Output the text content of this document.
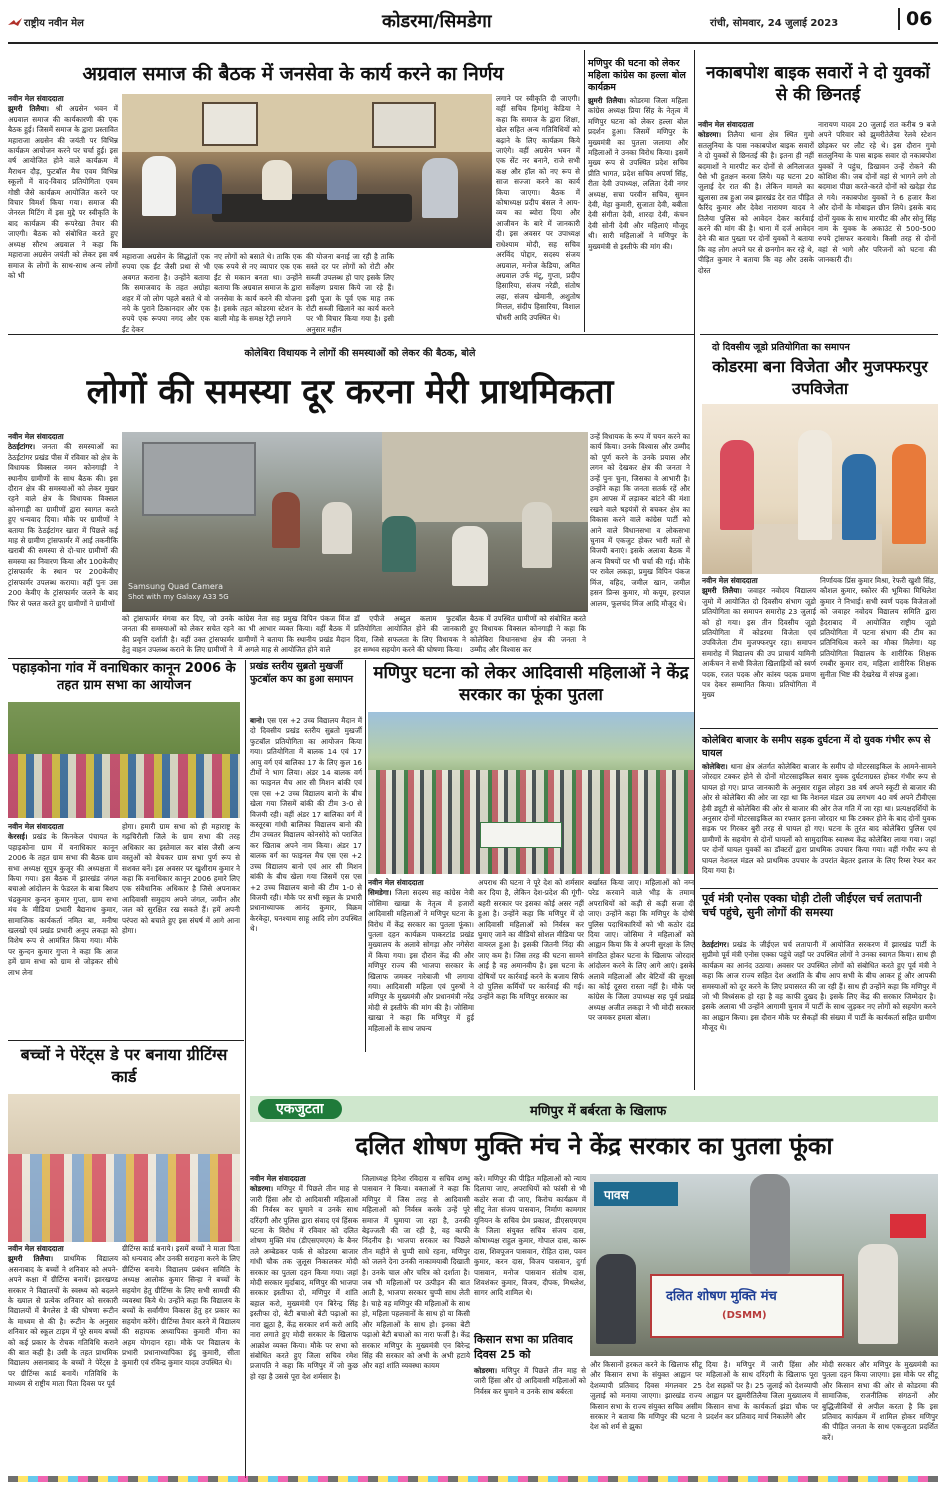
राष्ट्रीय नवीन मेल	कोडरमा/सिमडेगा	रांची, सोमवार, 24 जुलाई 2023	06
अग्रवाल समाज की बैठक में जनसेवा के कार्य करने का निर्णय
नवीन मेल संवाददाता
झुमरी तिलैया। श्री अग्रसेन भवन में अग्रवाल समाज की कार्यकारणी की एक बैठक हुई। जिसमें समाज के द्वारा प्रस्तावित महाराजा अग्रसेन की जयंती पर विभिन्न कार्यक्रम आयोजन करने पर चर्चा हुई। इस वर्ष आयोजित होने वाले कार्यक्रम में मैराथन दौड़, फुटबॉल मैच एवम विभिन्न स्कूलों में वाद-विवाद प्रतियोगिता एवम गोष्ठी जैसे कार्यक्रम आयोजित करने पर विचार विमर्श किया गया। समाज की जेनरल मिटिंग में इस मुद्दे पर स्वीकृति के बाद कार्यक्रम की रूपरेखा तैयार की जाएगी। बैठक को संबोधित करते हुए अध्यक्ष सौरभ अग्रवाल ने कहा कि महाराजा अग्रसेन जयंती को लेकर इस वर्ष समाज के लोगों के साथ-साथ अन्य लोगों को भी
महाराजा अग्रसेन के सिद्धांतों एक रुपया एक ईंट जैसी प्रथा से भी अवगत कराना है। उन्होंने बताया कि समाजवाद के तहत अग्रोहा शहर में जो लोग पहले बसते थे वो नये के पुराने ठिकानदार और एक रुपये एक रूपया नगद और एक ईंट देकर
नए लोगों को बसाते थे। ताकि एक एक रुपये से नए व्यापार एक एक ईंट से मकान बनता था। उन्होंने बताया कि अग्रवाल समाज के द्वारा जनसेवा के कार्य करने की योजना है। इसके तहत कोडरमा स्टेशन के बाली मोड़ के समक्ष रेट्री लगाने
की योजना बनाई जा रही है ताकि सस्ते दर पर लोगों को रोटी और सब्जी उपलब्ध हो पाए इसके लिए सर्वेक्षण प्रयास किये जा रहे हैं। इसी पूजा के पूर्व एक माह तक रोटी सब्जी खिलाने का कार्य करने पर भी विचार किया गया है। इसी अनुसार महीन
लगाने पर स्वीकृति दी जाएगी। वहीं सचिव हिमांशु केडिया ने कहा कि समाज के द्वारा शिक्षा, खेल सहित अन्य गतिविधियों को बढ़ाने के लिए कार्यक्रम किये जाएंगे। वहीं अग्रसेन भवन में एक सेंट नर बनाने, राजे सभी कक्ष और हॉल को नए रूप से साज सज्जा करने का कार्य किया जाएगा। बैठक में कोषाध्यक्ष प्रदीप बंसल ने आय-व्यय का ब्योरा दिया और आजीवन के बारे में जानकारी दी। इस अवसर पर उपाध्यक्ष राधेश्याम मोदी, सह सचिव अरविंद पोद्दार, सदस्य संजय अग्रवाल, मनोज केडिया, अमित अग्रवाल उर्फ मंटू, गुप्ता, प्रदीप हिसारिया, संजय नरेडी, संतोष लहा, संजय खेमानी, अशुतोष मित्तल, संदीप हिसारिया, विशाल चौधरी आदि उपस्थित थे।
मणिपुर की घटना को लेकर महिला कांग्रेस का हल्ला बोल कार्यक्रम
झुमरी तिलैया। कोडरमा जिला महिला कांग्रेस अध्यक्ष प्रिया सिंह के नेतृत्व में मणिपुर घटना को लेकर हल्ला बोल प्रदर्शन हुआ। जिसमें मणिपुर के मुख्यमंत्री का पुतला जलाया और महिलाओं ने उनका विरोध किया। इसमें मुख्य रूप से उपस्थित प्रदेश सचिव प्रीति भागत, प्रदेश सचिव अपर्णा सिंह, रीता देवी उपाध्यक्ष, ललिता देवी नगर अध्यक्ष, सचा परवीन सचिव, सुमन देवी, मेहा कुमारी, सुजाता देवी, बबीता देवी संगीता देवी, शारदा देवी, कंचन देवी सोनी देवी और महिलाएं मौजूद थी। सारी महिलाओं ने मणिपुर के मुख्यमंत्री से इस्तीफे की मांग की।
नकाबपोश बाइक सवारों ने दो युवकों से की छिनतई
नवीन मेल संवाददाता
कोडरमा। तिलैया थाना क्षेत्र स्थित गुमो सतलुनिया के पास नकाबपोश बाइक सवारों ने दो युवकों से छिनतई की है। इतना ही नहीं बदमाशों ने मारपीट कर दोनों से अनिलाजत पैसे भी हुतक्षन करवा लिये। यह घटना 20 जुलाई देर रात की है। लेकिन मामले का खुलासा तब हुआ जब झारखंड देर रात पीड़ित फैरिंद कुमार और देवेश नारायण यादव ने तिलैया पुलिस को आवेदन देकर कार्रवाई करने की मांग की है। थाना में दर्ज आवेदन देने की बात पुख्ता पर दोनों युवकों ने बताया कि वह लोग अपने घर से छनगोन कर रहे थे, पीड़ित कुमार ने बताया कि वह और उसके दोस्त
नारायण यादव 20 जुलाई रात करीब 9 बजे अपने परिवार को झुमरीतेलैया रेलवे स्टेशन छोड़कर घर लौट रहे थे। इस दौरान गुमो सतलुनिया के पास बाइक सवार दो नकाबपोश युवकों ने पहुंच, डिखावन उन्हें रोकने की कोशिश की। जब दोनों वहां से भागने लगे तो बदमाश पीछा करते-करते दोनों को खदेड़ा रोड ले गये। नकाबपोश युवकों ने 6 हजार कैश और दोनों के मोबाइल छीन लिये। इसके बाद दोनों युवक के साथ मारपीट की और सोनू सिंह नाम के युवक के अकाउंट से 500-500 रुपये ट्रांसफर करवाये। किसी तरह से दोनों वहां से भागे और परिजनों को घटना की जानकारी दी।
कोलेबिरा विधायक ने लोगों की समस्याओं को लेकर की बैठक, बोले
लोगों की समस्या दूर करना मेरी प्राथमिकता
नवीन मेल संवाददाता
ठेठईटांगर। जनता की समस्याओं का ठेठईटांगर प्रखंड पीस में रविवार को क्षेत्र के विधायक विक्सल नमन कोनगाड़ी ने स्थानीय ग्रामीणों के साथ बैठक की। इस दौरान क्षेत्र की समस्याओं को लेकर मुखर रहने वाले क्षेत्र के विधायक विक्सल कोनगाड़ी का ग्रामीणों द्वारा स्वागत करते हुए धन्यवाद दिया। मौके पर ग्रामीणों ने बताया कि ठेठईटांगर खारा में पिछले कई माह से ग्रामीण ट्रांसफार्मर में आई तकनीकि खराबी की समस्या से दो-चार ग्रामीणों की समस्या का निवारण किया और 100केवीए ट्रांसफार्मर के स्थान पर 200केवीए ट्रांसफार्मर उपलब्ध कराया। वहीं पुनः उस 200 केवीए के ट्रांसफार्मर जलने के बाद फिर से फ्लत करते हुए ग्रामीणों ने ग्रामीणों
Samsung Quad Camera
Shot with my Galaxy A33 5G
को ट्रांसफार्मर मंगवा कर दिए, जो उनके जनता की समस्याओं को लेकर सचेत रहने की प्रवृत्ति दर्शाती है। वहीं उक्त ट्रांसफार्मर हेतु वाहन उपलब्ध कराने के लिए ग्रामीणों ने
कांग्रेस नेता सह प्रमुख विपिन पंकज मिंज का भी आभार व्यक्त किया। वहीं बैठक में ग्रामीणों ने बताया कि स्थानीय प्रखंड मैदान में अगले माह से आयोजित होने वाले
डॉ एपीजे अब्दुल कलाम फुटबॉल प्रतियोगिता आयोजित होने की जानकारी दिया, जिसे सफलता के लिए विधायक ने हर सम्भव सहयोग करने की घोषणा किया।
बैठक में उपस्थित ग्रामीणों को संबोधित करते हुए विधायक विक्सल कोनगाड़ी ने कहा कि कोलेबिरा विधानसभा क्षेत्र की जनता ने उम्मीद और विश्वास कर
उन्हें विधायक के रूप में चयन करने का कार्य किया। उनके विश्वास और उम्मीद को पूर्ण करने के उनके प्रयास और लगन को देखकर क्षेत्र की जनता ने उन्हें पुनः चुना, जिसका वे आभारी है। उन्होंने कहा कि जनता सतर्क रहें और हम आपस में लड़ाकर बांटने की मंशा रखने वाले षड़यंत्रों से बचकर क्षेत्र का विकास करने वाले कांग्रेस पार्टी को आने वाले विधानसभा व लोकसभा चुनाव में एकजुट होकर भारी मतों से विजयी बनाएं। इसके अलावा बैठक में अन्य विषयों पर भी चर्चा की गई। मौके पर रावेल लकड़ा, प्रमुख विपिन पंकज मिंज, वहिद, जमील खान, जमील हसन प्रिन्स कुमार, मो कयूम, हरपाल आलम, फूलचंद मिंज आदि मौजूद थे।
दो दिवसीय जूडो प्रतियोगिता का समापन
कोडरमा बना विजेता और मुजफ्फरपुर उपविजेता
नवीन मेल संवाददाता
झुमरी तिलैया। जवाहर नवोदय विद्यालय जुमो में आयोजित दो दिवसीय संभाग जूडो प्रतियोगिता का समापन समारोह 23 जुलाई को हो गया। इस तीन दिवसीय जूडो प्रतियोगिता में कोडरमा विजेता एवं उपविजेता टीम मुजफ्फरपुर रहा। समापन समारोह में विद्यालय की उप प्राचार्य यामिनी आर्कंचन ने सभी विजेता खिलाड़ियों को स्वर्ण पदक, रजत पदक और कांस्य पदक प्रमाण पत्र देकर सम्मानित किया। प्रतियोगिता में मुख्य
निर्णायक प्रिंस कुमार मिश्रा, रेफरी खुशी सिंह, कौशल कुमार, स्कोरर की भूमिका मिथिलेश कुमार ने निभाई। सभी स्वर्ण पदक विजेताओं को जवाहर नवोदय विद्यालय समिति द्वारा हैदराबाद में आयोजित राष्ट्रीय जूडो प्रतियोगिता में पटना संभाग की टीम का प्रतिनिधित्व करने का मौका मिलेगा। यह प्रतियोगिता विद्यालय के शारीरिक शिक्षक रमबीर कुमार राय, महिला शारीरिक शिक्षक सुनीता भिष्ट की देखरेख में संपन्न हुआ।
कोलेबिरा बाजार के समीप सड़क दुर्घटना में दो युवक गंभीर रूप से घायल
कोलेबिरा। थाना क्षेत्र अंतर्गत कोलेबिरा बाजार के समीप दो मोटरसाइकिल के आमने-सामने जोरदार टक्कर होने से दोनों मोटरसाइकिल सवार युवक दुर्घटनाग्रस्त होकर गंभीर रूप से घायल हो गए। प्राप्त जानकारी के अनुसार राहुल लोहरा 38 वर्ष अपने स्कूटी से बाजार की ओर से कोलेबिरा की ओर जा रहा था कि नेशनल मंडल उम्र लगभग 40 वर्ष अपने टीवीएस हेवी ड्यूटी से कोलेबिरा की ओर से बाजार की ओर तेज गति में जा रहा था। प्रत्यक्षदर्शियों के अनुसार दोनों मोटरसाइकिल का रफ्तार इतना जोरदार था कि टक्कर होने के बाद दोनों युवक सड़क पर गिरकर बुरी तरह से घायल हो गए। घटना के तुरंत बाद कोलेबिरा पुलिस एवं ग्रामीणों के सहयोग से दोनों घायलों को सामुदायिक स्वास्थ्य केंद्र कोलेबिरा लाया गया। जहां पर दोनों घायल युवकों का डॉक्टरों द्वारा प्राथमिक उपचार किया गया। वहीं गंभीर रूप से घायल नेशनल मंडल को प्राथमिक उपचार के उपरांत बेहतर इलाज के लिए रिम्स रेफर कर दिया गया है।
पूर्व मंत्री एनोस एक्का घोड़ी टोली जीईएल चर्च लतापानी चर्च पहुंचे, सुनी लोगों की समस्या
ठेठईटांगर। प्रखंड के जीईएल चर्च लतापानी में आयोजित सरकरण में झारखंड पार्टी के सुप्रीमो पूर्व मंत्री एनोस एक्का पहुंचे जहाँ पर उपस्थित लोगों ने उनका स्वागत किया। साथ ही कार्यक्रम का आनंद उठाया। अवसर पर उपस्थित लोगों को संबोधित करते हुए पूर्व मंत्री ने कहा कि आज राज्य सहित देश अशांति के बीच आप सभी के बीच आकर हूं और आपकी समस्याओं को दूर करने के लिए प्रयासरत की जा रही हैं। साथ ही उन्होंने कहा कि मणिपुर में जो भी विध्वंसक हो रहा है वह काफी दुखद है। इसके लिए केंद्र की सरकार जिम्मेदार है। इसके अलावा भी उन्होंने आगामी चुनाव में पार्टी के साथ जुड़कर नए लोगों को सहयोग करने का आह्वान किया। इस दौरान मौके पर सैकड़ों की संख्या में पार्टी के कार्यकर्ता सहित ग्रामीण मौजूद थे।
पहाड़कोना गांव में वनाधिकार कानून 2006 के तहत ग्राम सभा का आयोजन
नवीन मेल संवाददाता
केरसई। प्रखंड के किनकेल पंचायत के पहाड़कोना ग्राम में वनाधिकार कानून 2006 के तहत ग्राम सभा की बैठक ग्राम सभा अध्यक्ष सुपुत्र कुजूर की अध्यक्षता में किया गया। इस बैठक में झारखंड जंगल बचाओ आंदोलन के फेडरल के बाबा बिशप चंद्रकुमार कुन्दन कुमार गुप्ता, ग्राम सभा मंच के मीडिया प्रभारी बैद्यनाथ कुमार, सामाजिक कार्यकर्ता नमित बा, मनीषा खलखो एवं प्रखंड प्रभारी अनूप लकड़ा को विशेष रूप से आमंत्रित किया गया। मौके पर कुन्दन कुमार गुप्ता ने कहा कि आज हमें ग्राम सभा को ग्राम से जोड़कर सीधे लाभ लेना
होगा। हमारी ग्राम सभा को ही महाराष्ट्र के गढ़चिरौली जिले के ग्राम सभा की तरह अधिकार का इस्तेमाल कर बांस जैसी अन्य वस्तुओं को बेचकर ग्राम सभा पुर्ण रूप से सशक्त बनें। इस अवसर पर खुशीराम कुमार ने कहा कि वनाधिकार कानून 2006 हमारे लिए एक संवैधानिक अधिकार है जिसे अपनाकर आदिवासी समुदाय अपने जंगल, जमीन और जल को सुरक्षित रख सकते हैं। हमें अपनी परंपरा को बचाते हुए इस संघर्ष में आगे आना होगा।
प्रखंड स्तरीय सुब्रतो मुखर्जी फुटबॉल कप का हुआ समापन
बानो। एस एस +2 उच्च विद्यालय मैदान में दो दिवसीय प्रखंड स्तरीय सुब्रतो मुखर्जी फुटबॉल प्रतियोगिता का आयोजन किया गया। प्रतियोगिता में बालक 14 एवं 17 आयु वर्ग एवं बालिका 17 के लिए कुल 16 टीमों ने भाग लिया। अंडर 14 बालक वर्ग का फाइनल मैच आर सी मिशन बांकी एवं एस एस +2 उच्च विद्यालय बानो के बीच खेला गया जिसमें बांकी की टीम 3-0 से विजयी रही। वहीं अंडर 17 बालिका वर्ग में कस्तूरबा गांधी बालिका विद्यालय बानो की टीम उच्चतर विद्यालय कोनसोदे को पराजित कर खिताब अपने नाम किया। अंडर 17 बालक वर्ग का फाइनल मैच एस एस +2 उच्च विद्यालय बानो एवं आर सी मिशन बांकी के बीच खेला गया जिसमें एस एस +2 उच्च विद्यालय बानो की टीम 1-0 से विजयी रही। मौके पर सभी स्कूल के प्रभारी प्रधानाध्यापक आनंद कुमार, विक्रम केरकेट्टा, घनश्याम साहू आदि लोग उपस्थित थे।
मणिपुर घटना को लेकर आदिवासी महिलाओं ने केंद्र सरकार का फूंका पुतला
नवीन मेल संवाददाता
सिमडेगा। जिला सदस्य सह कांग्रेस नेत्री जोसिमा खाखा के नेतृत्व में हजारों आदिवासी महिलाओं ने मणिपुर घटना के विरोध में केंद्र सरकार का पुतला फूंका। पुतला दहन कार्यक्रम पाकरटांड प्रखंड मुख्यालय के अलावे सोगड़ा और नगेसेरा में किया गया। इस दौरान केंद्र की और मणिपुर राज्य की भाजपा सरकार के खिलाफ जमकर नारेबाजी भी लगाया गया। आदिवासी महिला एवं पुरुषों ने मणिपुर के मुख्यमंत्री और प्रधानमंत्री नरेंद्र मोदी से इस्तीफे की मांग की है। जोसिमा खाखा ने कहा कि मणिपुर में हुई महिलाओं के साथ जघन्य
अपराध की घटना ने पूरे देश को शर्मसार कर दिया है, लेकिन देश-प्रदेश की गूंगी-बहरी सरकार पर इसका कोई असर नहीं हुआ है। उन्होंने कहा कि मणिपुर में दो आदिवासी महिलाओं को निर्वस्त्र कर घुमाए जाने का वीडियो सोशल मीडिया पर वायरल हुआ है। इसकी जितनी निंदा की जाए कम है। जिस तरह की घटना सामने आई है वह अमानवीय है। इस घटना के दोषियों पर कार्रवाई करने के बजाय सिर्फ दो पुलिस कर्मियों पर कार्रवाई की गई। उन्होंने कहा कि मणिपुर सरकार का
बर्खास्त किया जाए। महिलाओं को नग्न परेड करवाने वाले भीड़ के तमाम अपराधियों को कड़ी से कड़ी सजा दी जाए। उन्होंने कहा कि मणिपुर के दोषी पुलिस पदाधिकारियों को भी कठोर दंड दिया जाए। जोसिमा ने महिलाओं को आह्वान किया कि वे अपनी सुरक्षा के लिए संगठित होकर घटना के खिलाफ जोरदार आंदोलन करने के लिए आगे आएं। इसके अलावे महिलाओं और बेटियों की सुरक्षा का कोई दूसरा रास्ता नहीं है। मौके पर कांग्रेस के जिला उपाध्यक्ष सह पूर्व प्रखंड अध्यक्ष अजीत लकड़ा ने भी मोदी सरकार पर जमकर हमला बोला।
बच्चों ने पेरेंट्स डे पर बनाया ग्रीटिंग्स कार्ड
नवीन मेल संवाददाता
झुमरी तिलैया। प्राथमिक विद्यालय असनाबाद के बच्चों ने शनिवार को अपने-अपने कक्षा में ग्रीटिंग्स बनायें। झारखण्ड सरकार ने विद्यालयों के स्वस्थ्य को बदलने के ख्याल से प्रत्येक शनिवार को सरकारी विद्यालयों में बैगलेस डे की घोषणा रूटीन के माध्यम से की है। रूटीन के अनुसार शनिवार को स्कूल टाइम में पूरे समय बच्चों को कई प्रकार के रोचक गतिविधि कराने की बात कही है। उसी के तहत प्राथमिक विद्यालय असनाबाद के बच्चों ने पेरेंट्स डे पर ग्रीटिंग्स कार्ड बनायें। गतिविधि के माध्यम से राष्ट्रीय माता पिता दिवस पर पूर्व
ग्रीटिंग्स कार्ड बनाये। इसमें बच्चों ने माता पिता को धन्यवाद और उनकी सराहना करने के लिए ग्रीटिंग्स बनाये। विद्यालय प्रबंधन समिति के अध्यक्ष आलोक कुमार सिन्हा ने बच्चों के सहयोग हेतु ग्रीटिंग्स के लिए सभी सामग्री की व्यवस्था किये थे। उन्होंने कहा कि विद्यालय के बच्चों के सर्वांगीण विकास हेतु हर प्रकार का सहयोग करेंगे। ग्रीटिंग्स तैयार करने में विद्यालय की सहायक अध्यापिका कुमारी मीना का अहम योगदान रहा। मौके पर विद्यालय के प्रभारी प्रधानाध्यापिका इंदु कुमारी, सीता कुमारी एवं रविन्द्र कुमार यादव उपस्थित थे।
एकजुटता	मणिपुर में बर्बरता के खिलाफ
दलित शोषण मुक्ति मंच ने केंद्र सरकार का पुतला फूंका
नवीन मेल संवाददाता
कोडरमा। मणिपुर में पिछले तीन माह से जारी हिंसा और दो आदिवासी महिलाओं की निर्वस्त्र कर घुमाने व उनके साथ दरिंदगी और पुलिस द्वारा संवाद एवं हिंसक घटना के विरोध में रविवार को दलित शोषण मुक्ति मंच (डीएसएमएम) के बैनर तले अम्बेडकर पार्क से कोडरमा बाजार गांधी चौक तक जुलूस निकालकर मोदी सरकार का पुतला दहन किया गया। जहां मोदी सरकार मुर्दाबाद, मणिपुर की भाजपा सरकार इस्तीफा दो, मणिपुर में शांति बहाल करो, मुख्यमंत्री एन बिरेन्द्र सिंह इस्तीफा दो, बेटी बचाओ बेटी पढ़ाओ का नारा झूठा है, केंद्र सरकार शर्म करो आदि नारा लगाते हुए मोदी सरकार के खिलाफ आक्रोश व्यक्त किया। मौके पर सभा को संबोधित करते हुए जिला सचिव रमेश प्रजापति ने कहा कि मणिपुर में जो कुछ हो रहा है उससे पूरा देश शर्मसार है।
जिलाध्यक्ष दिनेश रविदास व सचिव शम्भु पासवान ने किया। वक्ताओं ने कहा कि मणिपुर में जिस तरह से आदिवासी महिलाओं को निर्वस्त्र करके उन्हें पूरे समाज में घुमाया जा रहा है, उनकी बेइज्जती की जा रही है, वह काफी निंदनीय है। भाजपा सरकार का पिछले तीन महीने से चुप्पी साधे रहना, मणिपुर को जलने देना उनकी नाकामयाबी दिखाती है। उनके चाल और चरित्र को दर्शाता है। जब भी महिलाओं पर उत्पीड़न की बात आती है, भाजपा सरकार चुप्पी साध लेती है। चाहे वह मणिपुर की महिलाओं के साथ हो, महिला पहलवानों के साथ हो या किसी और महिलाओं के साथ हो। इनका बेटी पढ़ाओ बेटी बचाओ का नारा फर्जी है। केंद्र सरकार मणिपुर के मुख्यमंत्री एन बिरेन्द्र सिंह की सरकार को अभी के अभी हटाये और वहां शांति व्यवस्था कायम
करे। मणिपुर की पीड़ित महिलाओं को न्याय दिलाया जाए, अपराधियों को फांसी से भी कठोर सजा दी जाए, किरोच कार्यक्रम में सीटू नेता संजय पासवान, निर्माण कामगार यूनियन के सचिव प्रेम प्रकाश, डीएसएमएम के जिला संयुक्त सचिव संजय दास, कोषाध्यक्ष राहुल कुमार, गोपाल दास, कारू दास, शिवपूजन पासवान, रोहित दास, पवन कुमार, करन दास, विजय पासवान, दुर्गा पासवान, मनोज पासवान संतोष दास, शिवशंकर कुमार, विजय, दीपक, मिथलेश, सागर आदि शामिल थे।
किसान सभा का प्रतिवाद दिवस 25 को
कोडरमा। मणिपुर में पिछले तीन माह से जारी हिंसा और दो आदिवासी महिलाओं को निर्वस्त्र कर घुमाने व उनके साथ बर्बरता
पावस
दलित शोषण मुक्ति मंच
(DSMM)
और किसानों हरकत करने के खिलाफ सीटू और किसान सभा के संयुक्त आह्वान पर देशव्यापी प्रतिवाद दिवस मंगलवार 25 जुलाई को मनाया जाएगा। झारखंड राज्य किसान सभा के राज्य संयुक्त सचिव असीम सरकार ने बताया कि मणिपुर की घटना ने देश को शर्म से झुका
दिया है। मणिपुर में जारी हिंसा और महिलाओं के साथ दरिंदगी के खिलाफ पूरा देश सड़कों पर है। 25 जुलाई को देशव्यापी आह्वान पर झुमरीतिलैया जिला मुख्यालय में किसान सभा के कार्यकर्ता झंडा चौक पर प्रदर्शन कर प्रतिवाद मार्च निकालेंगे और
मोदी सरकार और मणिपुर के मुख्यमंत्री का पुतला दहन किया जाएगा। इस मौके पर सीटू और किसान सभा की ओर से कोडरमा की सामाजिक, राजनीतिक संगठनों और बुद्धिजीवियों से अपील करता है कि इस प्रतिवाद कार्यक्रम में शामिल होकर मणिपुर की पीड़ित जनता के साथ एकजुटता प्रदर्शित करें।
